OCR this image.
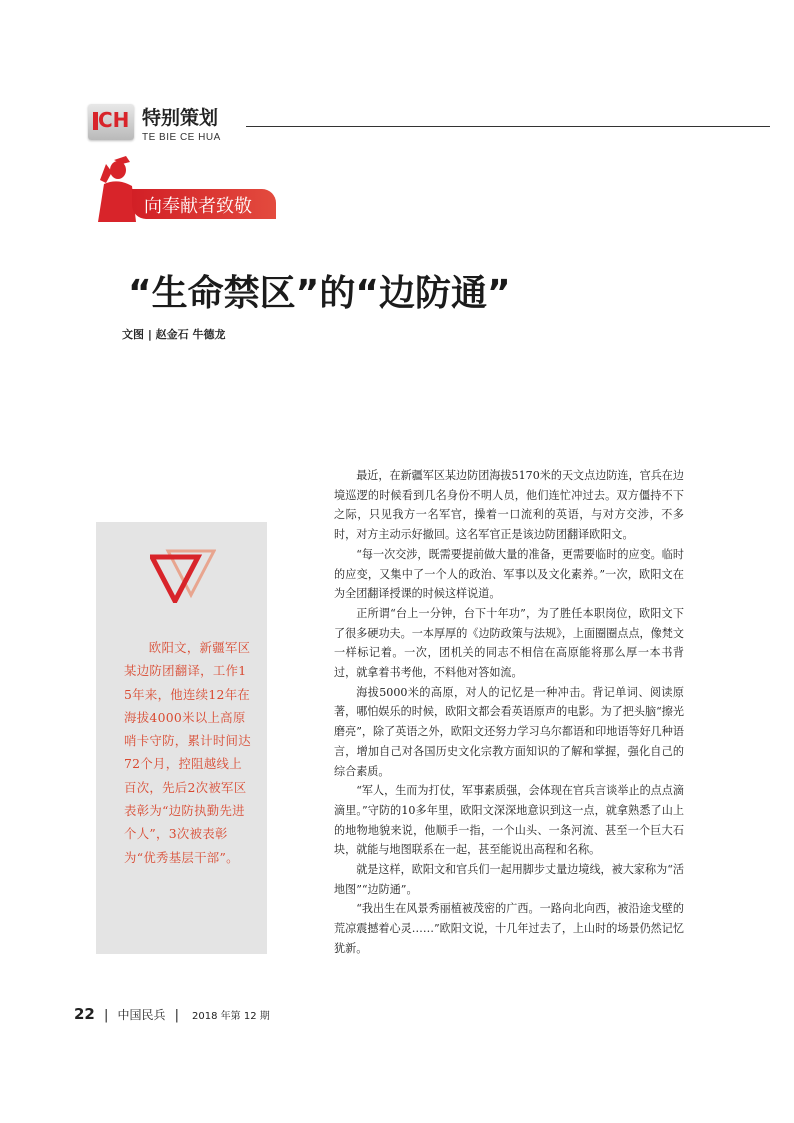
CH 特别策划
TE BIE CE HUA
向奉献者致敬
“生命禁区”的“边防通”
文图 | 赵金石 牛德龙
欧阳文，新疆军区某边防团翻译，工作15年来，他连续12年在海拔4000米以上高原哨卡守防，累计时间达72个月，控阻越线上百次，先后2次被军区表彰为“边防执勤先进个人”，3次被表彰为“优秀基层干部”。

最近，在新疆军区某边防团海拔5170米的天文点边防连，官兵在边境巡逻的时候看到几名身份不明人员，他们连忙冲过去。双方僵持不下之际，只见我方一名军官，操着一口流利的英语，与对方交涉，不多时，对方主动示好撤回。这名军官正是该边防团翻译欧阳文。

“每一次交涉，既需要提前做大量的准备，更需要临时的应变。临时的应变，又集中了一个人的政治、军事以及文化素养。”一次，欧阳文在为全团翻译授课的时候这样说道。

正所谓“台上一分钟，台下十年功”，为了胜任本职岗位，欧阳文下了很多硬功夫。一本厚厚的《边防政策与法规》，上面圈圈点点，像梵文一样标记着。一次，团机关的同志不相信在高原能将那么厚一本书背过，就拿着书考他，不料他对答如流。

海拔5000米的高原，对人的记忆是一种冲击。背记单词、阅读原著，哪怕娱乐的时候，欧阳文都会看英语原声的电影。为了把头脑“擦光磨亮”，除了英语之外，欧阳文还努力学习乌尔都语和印地语等好几种语言，增加自己对各国历史文化宗教方面知识的了解和掌握，强化自己的综合素质。

“军人，生而为打仗，军事素质强，会体现在官兵言谈举止的点点滴滴里。”守防的10多年里，欧阳文深深地意识到这一点，就拿熟悉了山上的地物地貌来说，他顺手一指，一个山头、一条河流、甚至一个巨大石块，就能与地图联系在一起，甚至能说出高程和名称。

就是这样，欧阳文和官兵们一起用脚步丈量边境线，被大家称为“活地图”“边防通”。

“我出生在风景秀丽植被茂密的广西。一路向北向西，被沿途戈壁的荒凉震撼着心灵……”欧阳文说，十几年过去了，上山时的场景仍然记忆犹新。

22 | 中国民兵 | 2018 年第 12 期
